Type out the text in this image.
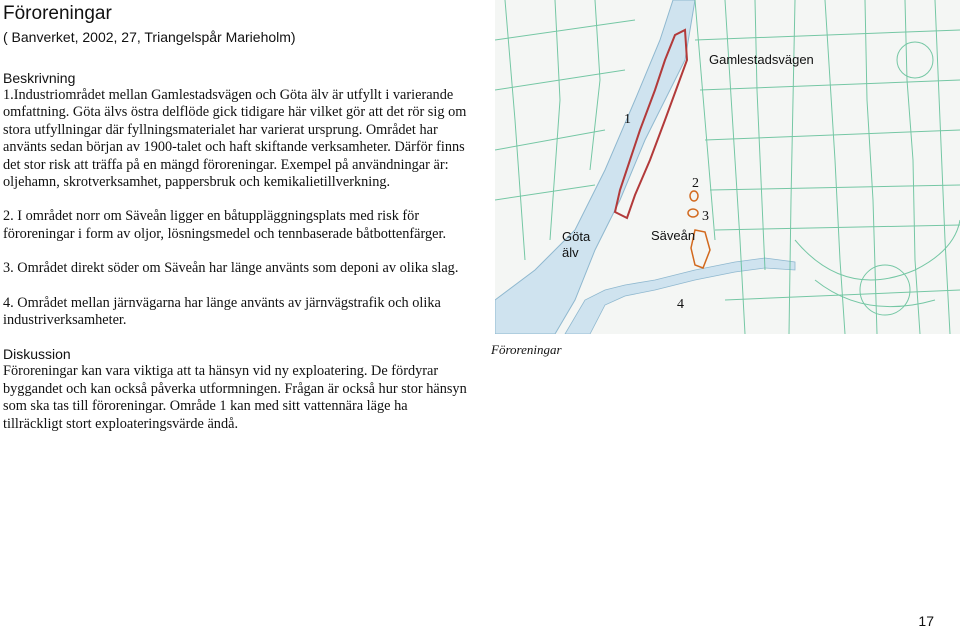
Föroreningar
( Banverket, 2002, 27, Triangelspår Marieholm)
Beskrivning
1.Industriområdet mellan Gamlestadsvägen och Göta älv är utfyllt i varierande omfattning. Göta älvs östra delflöde gick tidigare här vilket gör att det rör sig om stora utfyllningar där fyllningsmaterialet har varierat ursprung. Området har använts sedan början av 1900-talet och haft skiftande verksamheter. Därför finns det stor risk att träffa på en mängd föroreningar. Exempel på användningar är: oljehamn, skrotverksamhet, pappersbruk och kemikalietillverkning.
2. I området norr om Säveån ligger en båtuppläggningsplats med risk för föroreningar i form av oljor, lösningsmedel och tennbaserade båtbottenfärger.
3. Området direkt söder om Säveån har länge använts som deponi av olika slag.
4. Området mellan järnvägarna har länge använts av järnvägstrafik och olika industriverksamheter.
Diskussion
Föroreningar kan vara viktiga att ta hänsyn vid ny exploatering. De fördyrar byggandet och kan också påverka utformningen. Frågan är också hur stor hänsyn som ska tas till föroreningar. Område 1 kan med sitt vattennära läge ha tillräckligt stort exploateringsvärde ändå.
Gamlestadsvägen
Göta
älv
Säveån
1
2
3
4
Föroreningar
17
